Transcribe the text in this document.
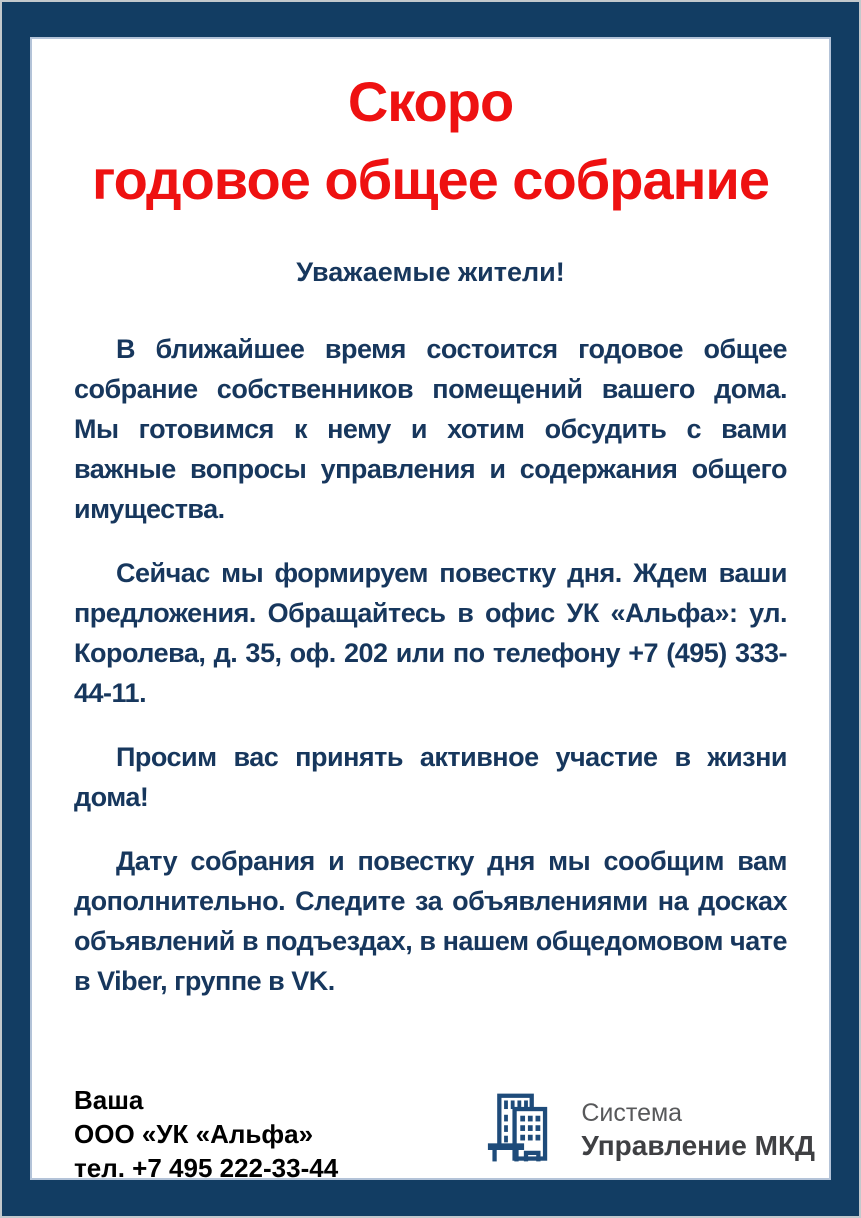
Скоро
годовое общее собрание
Уважаемые жители!

В ближайшее время состоится годовое общее собрание собственников помещений вашего дома. Мы готовимся к нему и хотим обсудить с вами важные вопросы управления и содержания общего имущества.

Сейчас мы формируем повестку дня. Ждем ваши предложения. Обращайтесь в офис УК «Альфа»: ул. Королева, д. 35, оф. 202 или по телефону +7 (495) 333-44-11.

Просим вас принять активное участие в жизни дома!

Дату собрания и повестку дня мы сообщим вам дополнительно. Следите за объявлениями на досках объявлений в подъездах, в нашем общедомовом чате в Viber, группе в VK.

Ваша
ООО «УК «Альфа»
тел. +7 495 222-33-44
Система
Управление МКД
